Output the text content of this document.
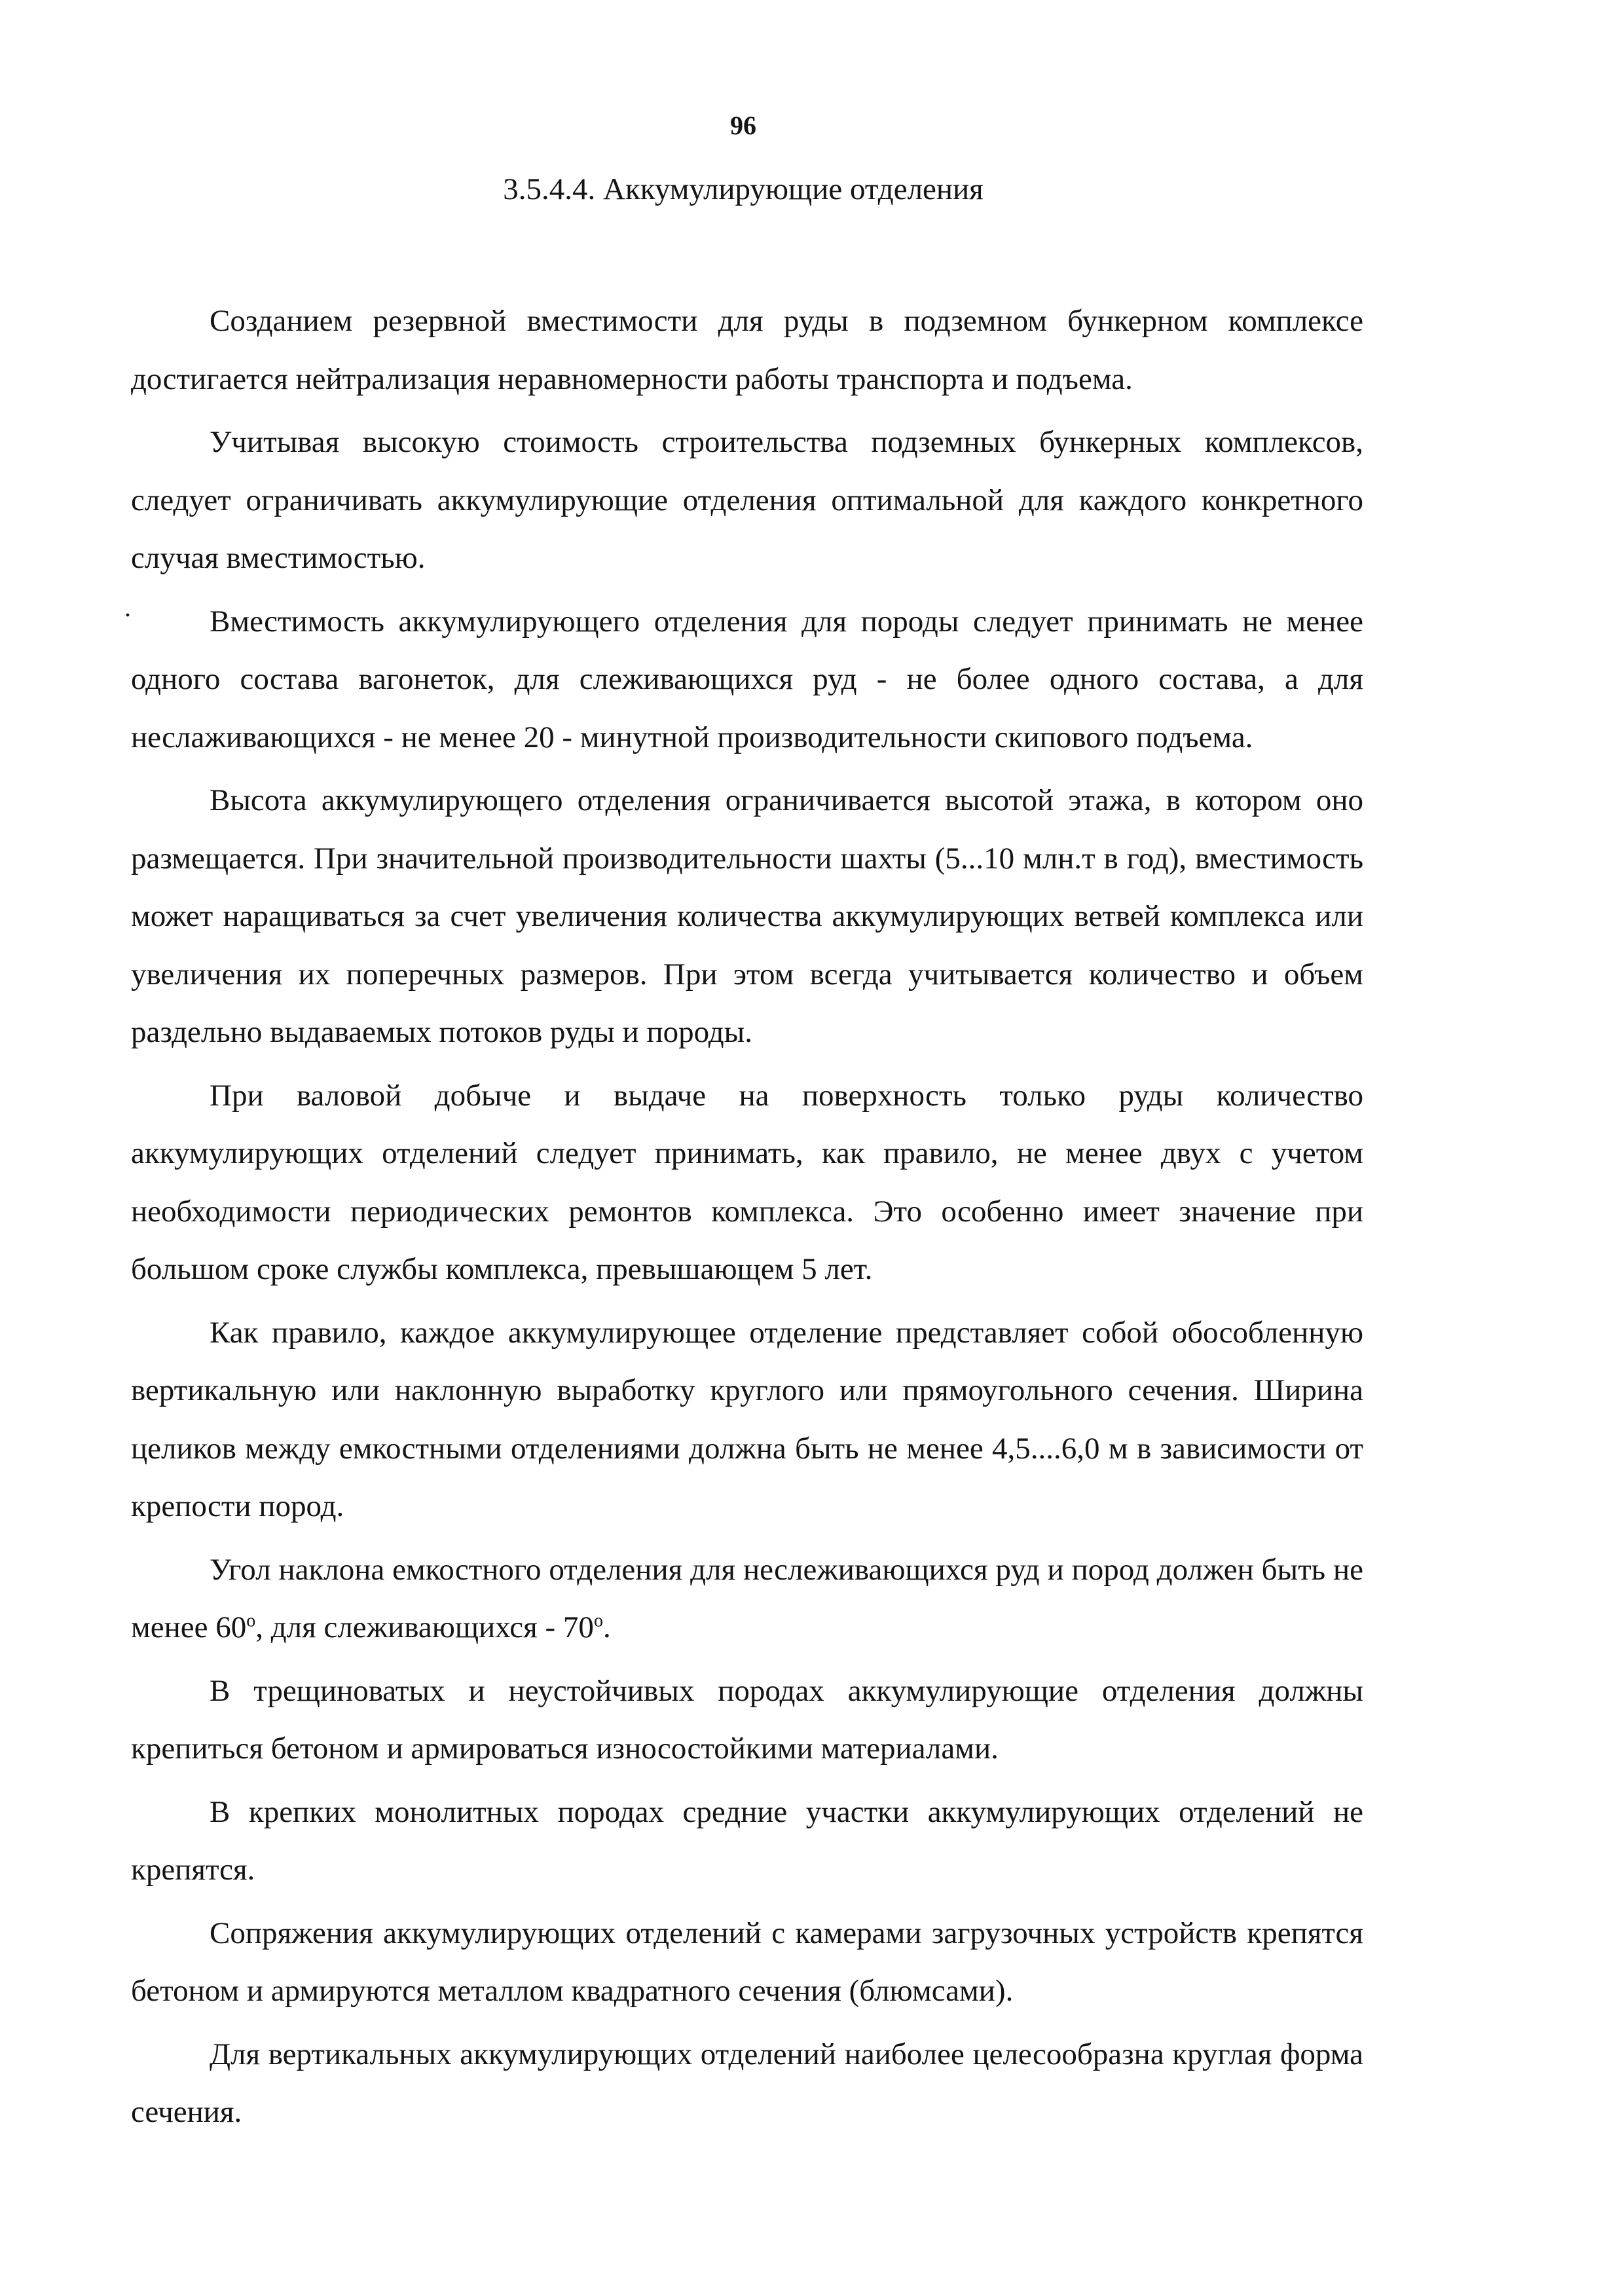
96
3.5.4.4. Аккумулирующие отделения
.

Созданием резервной вместимости для руды в подземном бункерном комплексе достигается нейтрализация неравномерности работы транспорта и подъема.

Учитывая высокую стоимость строительства подземных бункерных комплексов, следует ограничивать аккумулирующие отделения оптимальной для каждого конкретного случая вместимостью.

Вместимость аккумулирующего отделения для породы следует принимать не менее одного состава вагонеток, для слеживающихся руд - не более одного состава, а для неслаживающихся - не менее 20 - минутной производительности скипового подъема.

Высота аккумулирующего отделения ограничивается высотой этажа, в котором оно размещается. При значительной производительности шахты (5...10 млн.т в год), вместимость может наращиваться за счет увеличения количества аккумулирующих ветвей комплекса или увеличения их поперечных размеров. При этом всегда учитывается количество и объем раздельно выдаваемых потоков руды и породы.

При валовой добыче и выдаче на поверхность только руды количество аккумулирующих отделений следует принимать, как правило, не менее двух с учетом необходимости периодических ремонтов комплекса. Это особенно имеет значение при большом сроке службы комплекса, превышающем 5 лет.

Как правило, каждое аккумулирующее отделение представляет собой обособленную вертикальную или наклонную выработку круглого или прямоугольного сечения. Ширина целиков между емкостными отделениями должна быть не менее 4,5....6,0 м в зависимости от крепости пород.

Угол наклона емкостного отделения для неслеживающихся руд и пород должен быть не менее $60^о$, для слеживающихся - $70^о$.

В трещиноватых и неустойчивых породах аккумулирующие отделения должны крепиться бетоном и армироваться износостойкими материалами.

В крепких монолитных породах средние участки аккумулирующих отделений не крепятся.

Сопряжения аккумулирующих отделений с камерами загрузочных устройств крепятся бетоном и армируются металлом квадратного сечения (блюмсами).

Для вертикальных аккумулирующих отделений наиболее целесообразна круглая форма сечения.
